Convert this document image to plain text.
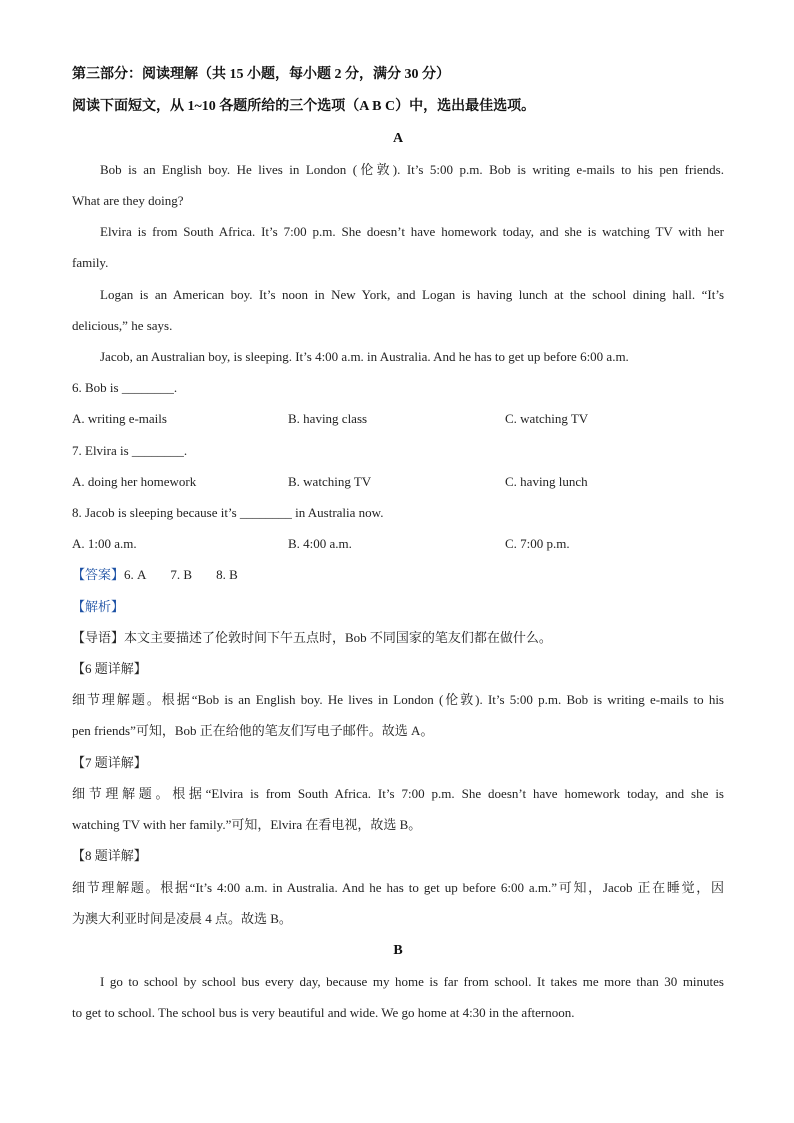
第三部分：阅读理解（共 15 小题，每小题 2 分，满分 30 分）
阅读下面短文，从 1~10 各题所给的三个选项（A B C）中，选出最佳选项。
A
Bob is an English boy. He lives in London (伦敦). It’s 5:00 p.m. Bob is writing e-mails to his pen friends.
What are they doing?
Elvira is from South Africa. It’s 7:00 p.m. She doesn’t have homework today, and she is watching TV with her
family.
Logan is an American boy. It’s noon in New York, and Logan is having lunch at the school dining hall. “It’s
delicious,” he says.
Jacob, an Australian boy, is sleeping. It’s 4:00 a.m. in Australia. And he has to get up before 6:00 a.m.
6. Bob is ________.
A. writing e-mails	B. having class	C. watching TV
7. Elvira is ________.
A. doing her homework	B. watching TV	C. having lunch
8. Jacob is sleeping because it’s ________ in Australia now.
A. 1:00 a.m.	B. 4:00 a.m.	C. 7:00 p.m.
【答案】6. A 7. B 8. B
【解析】
【导语】本文主要描述了伦敦时间下午五点时，Bob 不同国家的笔友们都在做什么。
【6 题详解】
细节理解题。根据“Bob is an English boy. He lives in London (伦敦). It’s 5:00 p.m. Bob is writing e-mails to his
pen friends”可知，Bob 正在给他的笔友们写电子邮件。故选 A。
【7 题详解】
细节理解题。根据“Elvira is from South Africa. It’s 7:00 p.m. She doesn’t have homework today, and she is
watching TV with her family.”可知，Elvira 在看电视，故选 B。
【8 题详解】
细节理解题。根据“It’s 4:00 a.m. in Australia. And he has to get up before 6:00 a.m.”可知，Jacob 正在睡觉，因
为澳大利亚时间是凌晨 4 点。故选 B。
B
I go to school by school bus every day, because my home is far from school. It takes me more than 30 minutes
to get to school. The school bus is very beautiful and wide. We go home at 4:30 in the afternoon.
